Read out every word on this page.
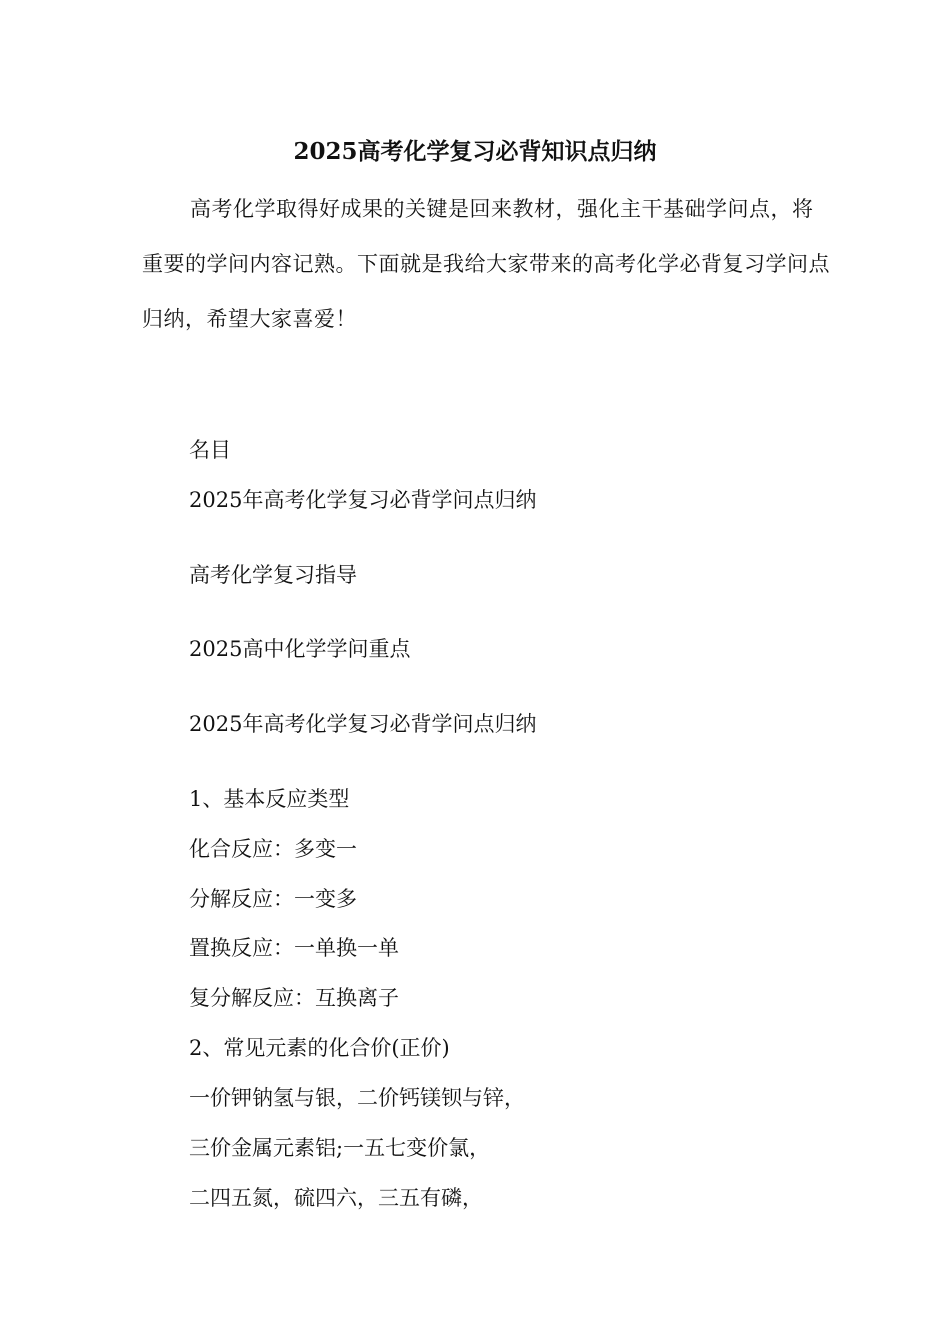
2025高考化学复习必背知识点归纳

高考化学取得好成果的关键是回来教材，强化主干基础学问点，将重要的学问内容记熟。下面就是我给大家带来的高考化学必背复习学问点归纳，希望大家喜爱！

名目

2025年高考化学复习必背学问点归纳

高考化学复习指导

2025高中化学学问重点

2025年高考化学复习必背学问点归纳

1、基本反应类型

化合反应：多变一

分解反应：一变多

置换反应：一单换一单

复分解反应：互换离子

2、常见元素的化合价(正价)

一价钾钠氢与银，二价钙镁钡与锌，

三价金属元素铝;一五七变价氯，

二四五氮，硫四六，三五有磷，
